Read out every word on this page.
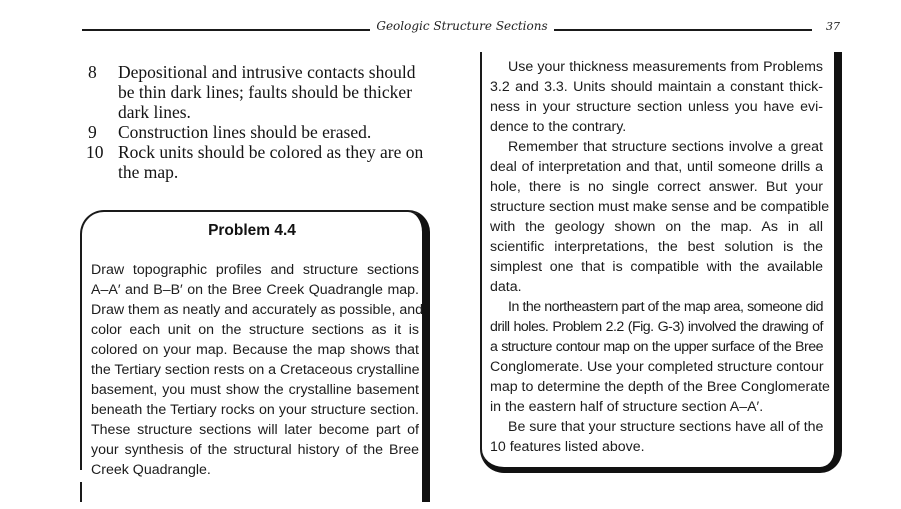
Geologic Structure Sections	37
8	Depositional and intrusive contacts should
be thin dark lines; faults should be thicker
dark lines.
9	Construction lines should be erased.
10 Rock units should be colored as they are on
the map.
Problem 4.4
Draw topographic profiles and structure sections
A–A′ and B–B′ on the Bree Creek Quadrangle map.
Draw them as neatly and accurately as possible, and
color each unit on the structure sections as it is
colored on your map. Because the map shows that
the Tertiary section rests on a Cretaceous crystalline
basement, you must show the crystalline basement
beneath the Tertiary rocks on your structure section.
These structure sections will later become part of
your synthesis of the structural history of the Bree
Creek Quadrangle.
Use your thickness measurements from Problems
3.2 and 3.3. Units should maintain a constant thick-
ness in your structure section unless you have evi-
dence to the contrary.
Remember that structure sections involve a great
deal of interpretation and that, until someone drills a
hole, there is no single correct answer. But your
structure section must make sense and be compatible
with the geology shown on the map. As in all
scientific interpretations, the best solution is the
simplest one that is compatible with the available
data.
In the northeastern part of the map area, someone did
drill holes. Problem 2.2 (Fig. G-3) involved the drawing of
a structure contour map on the upper surface of the Bree
Conglomerate. Use your completed structure contour
map to determine the depth of the Bree Conglomerate
in the eastern half of structure section A–A′.
Be sure that your structure sections have all of the
10 features listed above.
